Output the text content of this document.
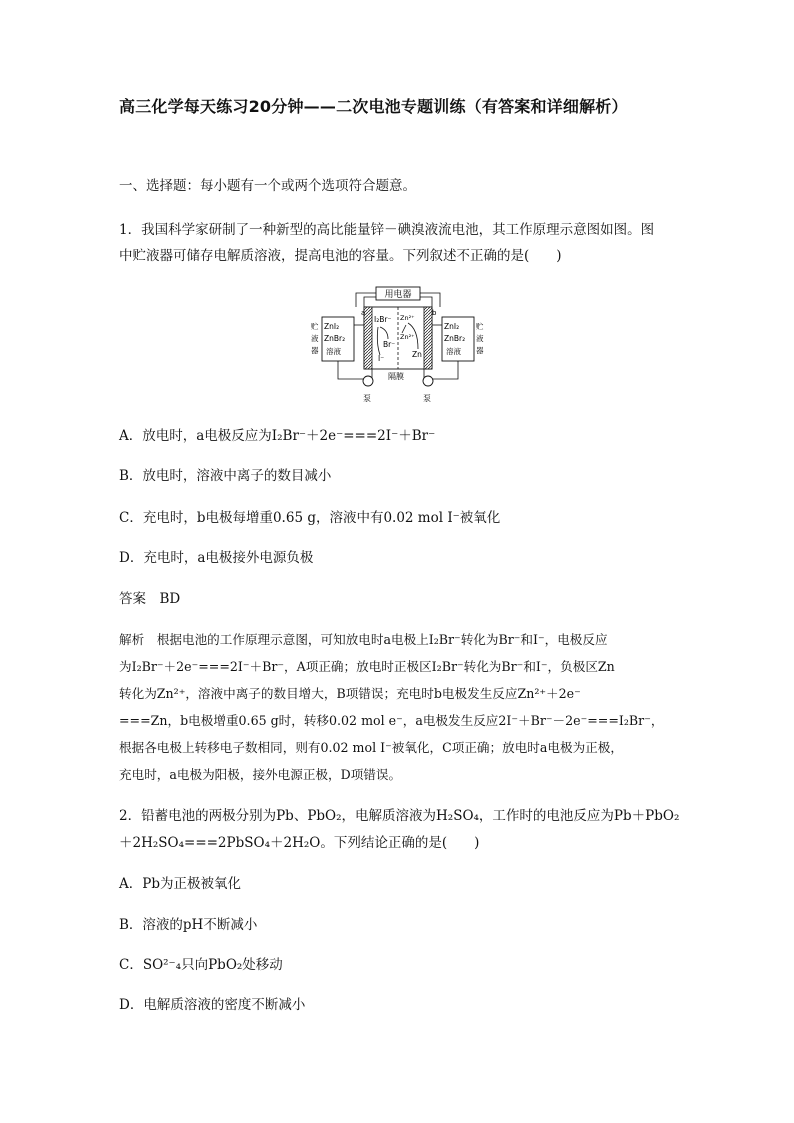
高三化学每天练习20分钟——二次电池专题训练（有答案和详细解析）
一、选择题：每小题有一个或两个选项符合题意。
1．我国科学家研制了一种新型的高比能量锌－碘溴液流电池，其工作原理示意图如图。图
中贮液器可储存电解质溶液，提高电池的容量。下列叙述不正确的是(　　)
用电器
a	b
I₂Br⁻
Br⁻
I⁻
Zn²⁺
Zn²⁺
Zn
ZnI₂
ZnBr₂
溶液
贮
液
器
ZnI₂
ZnBr₂
溶液
贮
液
器
泵	泵
隔膜
A．放电时，a电极反应为I₂Br⁻＋2e⁻===2I⁻＋Br⁻
B．放电时，溶液中离子的数目减小
C．充电时，b电极每增重0.65 g，溶液中有0.02 mol I⁻被氧化
D．充电时，a电极接外电源负极
答案　BD
解析　根据电池的工作原理示意图，可知放电时a电极上I₂Br⁻转化为Br⁻和I⁻，电极反应
为I₂Br⁻＋2e⁻===2I⁻＋Br⁻，A项正确；放电时正极区I₂Br⁻转化为Br⁻和I⁻，负极区Zn
转化为Zn²⁺，溶液中离子的数目增大，B项错误；充电时b电极发生反应Zn²⁺＋2e⁻
===Zn，b电极增重0.65 g时，转移0.02 mol e⁻，a电极发生反应2I⁻＋Br⁻－2e⁻===I₂Br⁻，
根据各电极上转移电子数相同，则有0.02 mol I⁻被氧化，C项正确；放电时a电极为正极，
充电时，a电极为阳极，接外电源正极，D项错误。
2．铅蓄电池的两极分别为Pb、PbO₂，电解质溶液为H₂SO₄，工作时的电池反应为Pb＋PbO₂
＋2H₂SO₄===2PbSO₄＋2H₂O。下列结论正确的是(　　)
A．Pb为正极被氧化
B．溶液的pH不断减小
C．SO²⁻₄只向PbO₂处移动
D．电解质溶液的密度不断减小
